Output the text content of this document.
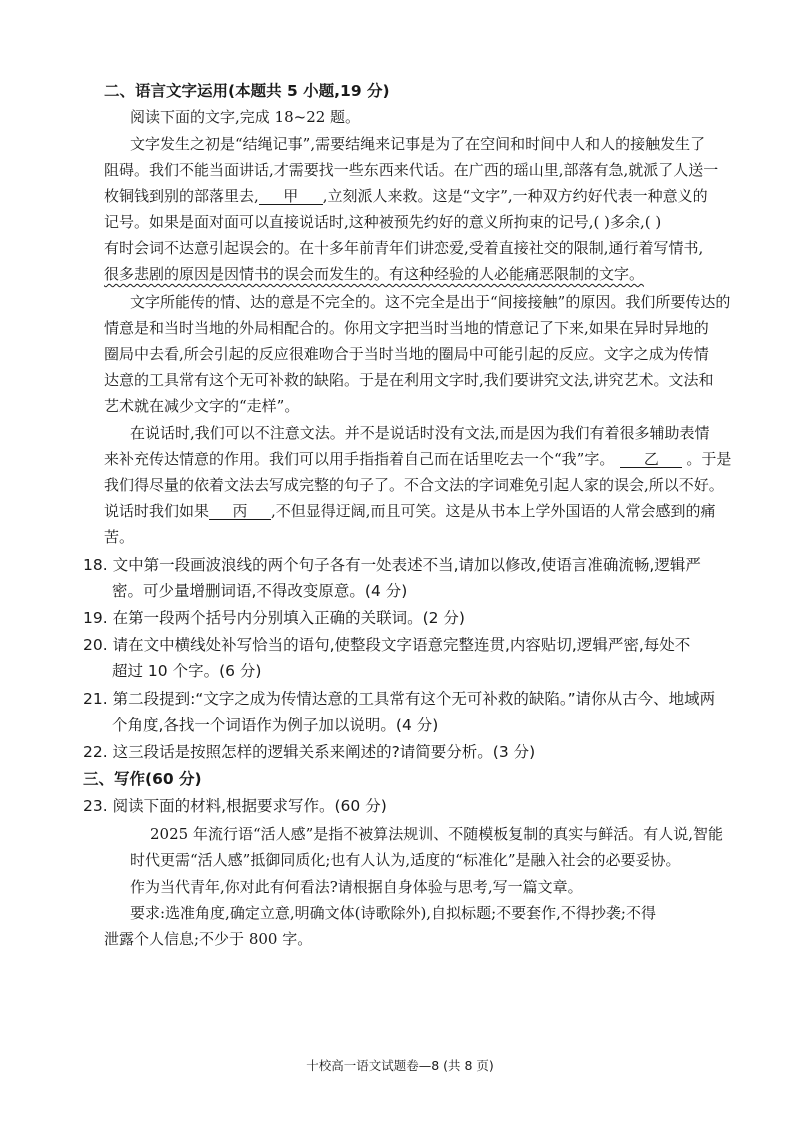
二、语言文字运用(本题共 5 小题,19 分)
阅读下面的文字,完成 18~22 题。
文字发生之初是“结绳记事”,需要结绳来记事是为了在空间和时间中人和人的接触发生了
阻碍。我们不能当面讲话,才需要找一些东西来代话。在广西的瑶山里,部落有急,就派了人送一
枚铜钱到别的部落里去, 甲 ,立刻派人来救。这是“文字”,一种双方约好代表一种意义的
记号。如果是面对面可以直接说话时,这种被预先约好的意义所拘束的记号,( )多余,( )
有时会词不达意引起误会的。在十多年前青年们讲恋爱,受着直接社交的限制,通行着写情书,
很多悲剧的原因是因情书的误会而发生的。有这种经验的人必能痛恶限制的文字。
文字所能传的情、达的意是不完全的。这不完全是出于“间接接触”的原因。我们所要传达的
情意是和当时当地的外局相配合的。你用文字把当时当地的情意记了下来,如果在异时异地的
圈局中去看,所会引起的反应很难吻合于当时当地的圈局中可能引起的反应。文字之成为传情
达意的工具常有这个无可补救的缺陷。于是在利用文字时,我们要讲究文法,讲究艺术。文法和
艺术就在减少文字的“走样”。
在说话时,我们可以不注意文法。并不是说话时没有文法,而是因为我们有着很多辅助表情
来补充传达情意的作用。我们可以用手指指着自己而在话里吃去一个“我”字。 乙 。于是
我们得尽量的依着文法去写成完整的句子了。不合文法的字词难免引起人家的误会,所以不好。
说话时我们如果 丙 ,不但显得迂阔,而且可笑。这是从书本上学外国语的人常会感到的痛
苦。
18. 文中第一段画波浪线的两个句子各有一处表述不当,请加以修改,使语言准确流畅,逻辑严
密。可少量增删词语,不得改变原意。(4 分)
19. 在第一段两个括号内分别填入正确的关联词。(2 分)
20. 请在文中横线处补写恰当的语句,使整段文字语意完整连贯,内容贴切,逻辑严密,每处不
超过 10 个字。(6 分)
21. 第二段提到:“文字之成为传情达意的工具常有这个无可补救的缺陷。”请你从古今、地域两
个角度,各找一个词语作为例子加以说明。(4 分)
22. 这三段话是按照怎样的逻辑关系来阐述的?请简要分析。(3 分)
三、写作(60 分)
23. 阅读下面的材料,根据要求写作。(60 分)
2025 年流行语“活人感”是指不被算法规训、不随模板复制的真实与鲜活。有人说,智能
时代更需“活人感”抵御同质化;也有人认为,适度的“标准化”是融入社会的必要妥协。
作为当代青年,你对此有何看法?请根据自身体验与思考,写一篇文章。
要求:选准角度,确定立意,明确文体(诗歌除外),自拟标题;不要套作,不得抄袭;不得
泄露个人信息;不少于 800 字。
十校高一语文试题卷—8 (共 8 页)
